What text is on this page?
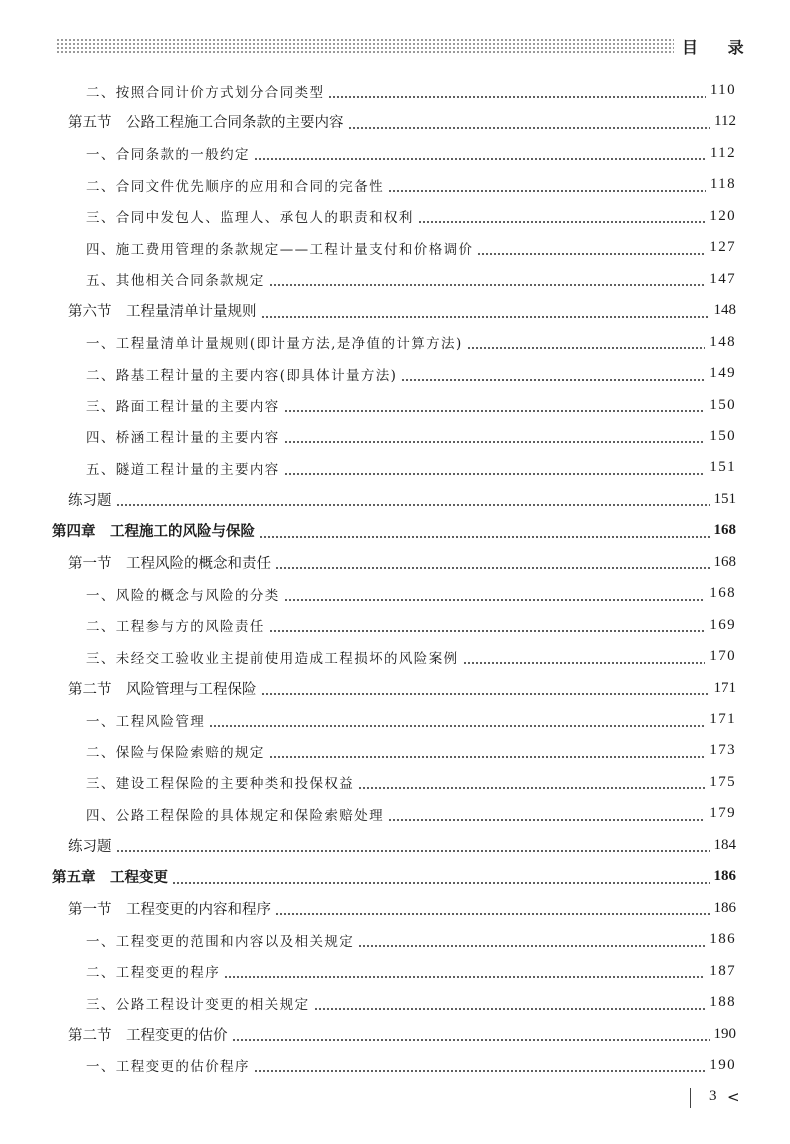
目 录
二、按照合同计价方式划分合同类型	110
第五节　公路工程施工合同条款的主要内容	112
一、合同条款的一般约定	112
二、合同文件优先顺序的应用和合同的完备性	118
三、合同中发包人、监理人、承包人的职责和权利	120
四、施工费用管理的条款规定——工程计量支付和价格调价	127
五、其他相关合同条款规定	147
第六节　工程量清单计量规则	148
一、工程量清单计量规则(即计量方法,是净值的计算方法)	148
二、路基工程计量的主要内容(即具体计量方法)	149
三、路面工程计量的主要内容	150
四、桥涵工程计量的主要内容	150
五、隧道工程计量的主要内容	151
练习题	151
第四章　工程施工的风险与保险	168
第一节　工程风险的概念和责任	168
一、风险的概念与风险的分类	168
二、工程参与方的风险责任	169
三、未经交工验收业主提前使用造成工程损坏的风险案例	170
第二节　风险管理与工程保险	171
一、工程风险管理	171
二、保险与保险索赔的规定	173
三、建设工程保险的主要种类和投保权益	175
四、公路工程保险的具体规定和保险索赔处理	179
练习题	184
第五章　工程变更	186
第一节　工程变更的内容和程序	186
一、工程变更的范围和内容以及相关规定	186
二、工程变更的程序	187
三、公路工程设计变更的相关规定	188
第二节　工程变更的估价	190
一、工程变更的估价程序	190
3 <
